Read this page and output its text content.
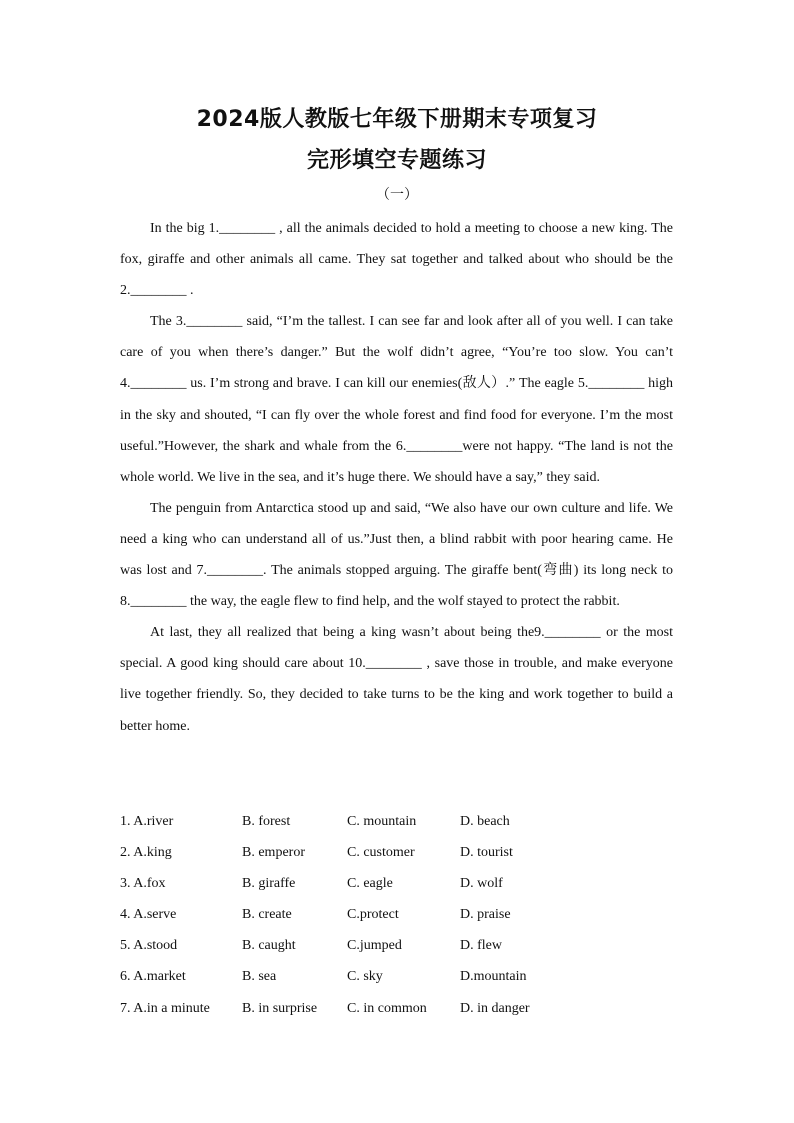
2024版人教版七年级下册期末专项复习
完形填空专题练习
（一）

In the big 1.________ , all the animals decided to hold a meeting to choose a new king. The fox, giraffe and other animals all came. They sat together and talked about who should be the 2.________ .

The 3.________ said, “I’m the tallest. I can see far and look after all of you well. I can take care of you when there’s danger.” But the wolf didn’t agree, “You’re too slow. You can’t 4.________ us. I’m strong and brave. I can kill our enemies(敌人）.” The eagle 5.________ high in the sky and shouted, “I can fly over the whole forest and find food for everyone. I’m the most useful.”However, the shark and whale from the 6.________were not happy. “The land is not the whole world. We live in the sea, and it’s huge there. We should have a say,” they said.

The penguin from Antarctica stood up and said, “We also have our own culture and life. We need a king who can understand all of us.”Just then, a blind rabbit with poor hearing came. He was lost and 7.________. The animals stopped arguing. The giraffe bent(弯曲) its long neck to 8.________ the way, the eagle flew to find help, and the wolf stayed to protect the rabbit.

At last, they all realized that being a king wasn’t about being the9.________ or the most special. A good king should care about 10.________ , save those in trouble, and make everyone live together friendly. So, they decided to take turns to be the king and work together to build a better home.

1. A.river	B. forest	C. mountain	D. beach
2. A.king	B. emperor	C. customer	D. tourist
3. A.fox	B. giraffe	C. eagle	D. wolf
4. A.serve	B. create	C.protect	D. praise
5. A.stood	B. caught	C.jumped	D. flew
6. A.market	B. sea	C. sky	D.mountain
7. A.in a minute B. in surprise C. in common D. in danger
